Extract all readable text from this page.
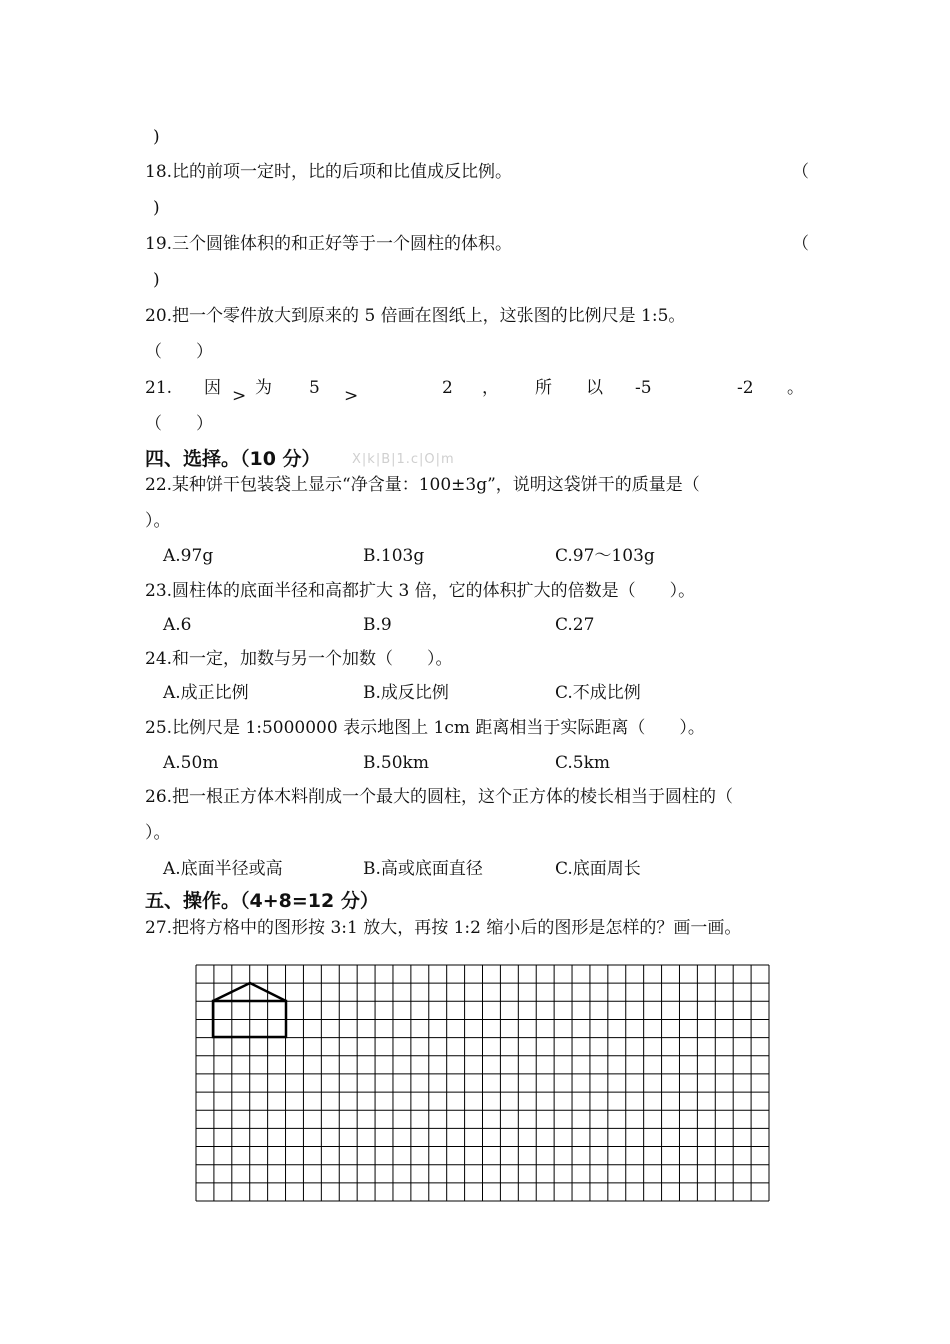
)
18.比的前项一定时，比的后项和比值成反比例。	（
)
19.三个圆锥体积的和正好等于一个圆柱的体积。	（
)
20.把一个零件放大到原来的 5 倍画在图纸上，这张图的比例尺是 1:5。
（　　）
21. 因 > 为 5 >	2 ， 所 以 -5	-2 。
（　　）
四、选择。（10 分） X|k|B|1.c|O|m
22.某种饼干包装袋上显示“净含量：100±3g”，说明这袋饼干的质量是（
）。
A.97g	B.103g	C.97～103g
23.圆柱体的底面半径和高都扩大 3 倍，它的体积扩大的倍数是（　　）。
A.6	B.9	C.27
24.和一定，加数与另一个加数（　　）。
A.成正比例	B.成反比例	C.不成比例
25.比例尺是 1:5000000 表示地图上 1cm 距离相当于实际距离（　　）。
A.50m	B.50km	C.5km
26.把一根正方体木料削成一个最大的圆柱，这个正方体的棱长相当于圆柱的（
）。
A.底面半径或高	B.高或底面直径	C.底面周长
五、操作。（4+8=12 分）
27.把将方格中的图形按 3:1 放大，再按 1:2 缩小后的图形是怎样的？画一画。
